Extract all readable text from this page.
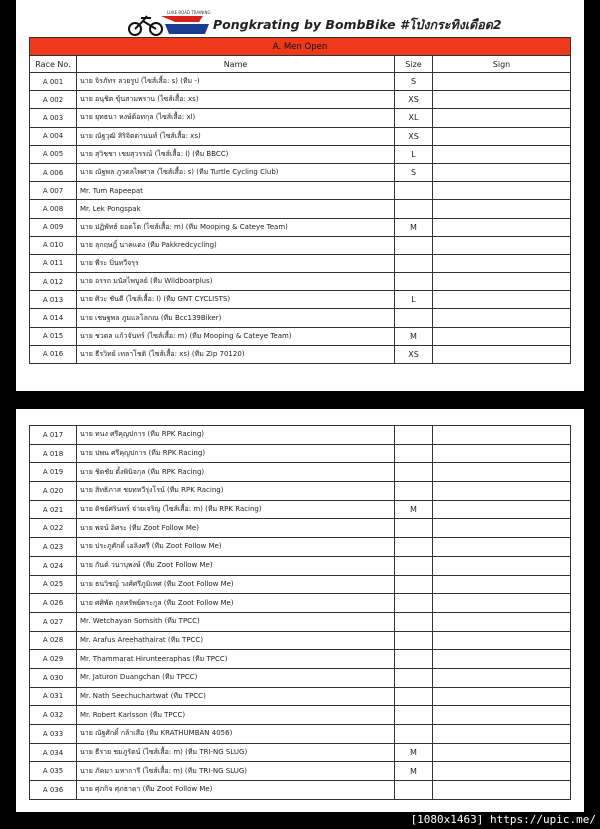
LUKE ROAD TRAINING
Pongkrating by BombBike #โป่งกระทิงเดือด2
A. Men Open			
Race No.	Name	Size	Sign
A 001	นาย จิรภัทร ลวยรูป (ไซส์เสื้อ: s) (ทีม -)	S	
A 002	นาย อนุชิต ขุ้นสามพราน (ไซส์เสื้อ: xs)	XS	
A 003	นาย ยุทธนา หงษ์ต้อทกุล (ไซส์เสื้อ: xl)	XL	
A 004	นาย ณัฐวุฒิ สิริจิตตานนท์ (ไซส์เสื้อ: xs)	XS	
A 005	นาย สุวิชชา เชยสุวรรณ์ (ไซส์เสื้อ: l) (ทีม BBCC)	L	
A 006	นาย ณัฐพล ภูวดลไพศาล (ไซส์เสื้อ: s) (ทีม Turtle Cycling Club)	S	
A 007	Mr. Tum Rapeepat		
A 008	Mr. Lek Pongspak		
A 009	นาย ปฏิพัทธ์ ยอดโต (ไซส์เสื้อ: m) (ทีม Mooping & Cateye Team)	M	
A 010	นาย ลุกฤษฎิ์ นาคแดง (ทีม Pakkredcycling)		
A 011	นาย พีระ ปิ่นทวีจรุร		
A 012	นาย อรรถ มนัสไพบูลย์ (ทีม Wildboarplus)		
A 013	นาย ศิวะ ชันตี (ไซส์เสื้อ: l) (ทีม GNT CYCLISTS)	L	
A 014	นาย เชษฐพล ภูมแลโลกณ (ทีม Bcc139Biker)		
A 015	นาย ชวดล แก้วจันทร์ (ไซส์เสื้อ: m) (ทีม Mooping & Cateye Team)	M	
A 016	นาย ธีรวิทย์ เทลาโชติ (ไซส์เสื้อ: xs) (ทีม Zip 70120)	XS	
A 017	นาย ทนง ศรีคุญปการ (ทีม RPK Racing)		
A 018	นาย ปพน ศรีคุญปการ (ทีม RPK Racing)		
A 019	นาย ชิดชัย ตั้งพินิจกุล (ทีม RPK Racing)		
A 020	นาย สิทธิภาส ชยทหวีรุ่งโรน์ (ทีม RPK Racing)		
A 021	นาย ดิชย์ศรินทร์ จ่ายเจริญ (ไซส์เสื้อ: m) (ทีม RPK Racing)	M	
A 022	นาย พจน์ อิศระ (ทีม Zoot Follow Me)		
A 023	นาย ประภูศักดิ์ เอลิงศรี (ทีม Zoot Follow Me)		
A 024	นาย กันต์ วนาบุพงษ์ (ทีม Zoot Follow Me)		
A 025	นาย ธนวิชญ์ วงศ์ศรีภูมิเทศ (ทีม Zoot Follow Me)		
A 026	นาย ศศิพัต กุลทรัพย์ตระกูล (ทีม Zoot Follow Me)		
A 027	Mr. Wetchayan Somsith (ทีม TPCC)		
A 028	Mr. Arafus Areehathairat (ทีม TPCC)		
A 029	Mr. Thammarat Hirunteeraphas (ทีม TPCC)		
A 030	Mr. Jaturon Duangchan (ทีม TPCC)		
A 031	Mr. Nath Seechuchartwat (ทีม TPCC)		
A 032	Mr. Robert Karlsson (ทีม TPCC)		
A 033	นาย ณัฐศักดิ์ กล้าเสือ (ทีม KRATHUMBAN 4056)		
A 034	นาย ธีราย ชมภูรัตน์ (ไซส์เสื้อ: m) (ทีม TRI-NG SLUG)	M	
A 035	นาย ภัคมา มหาการี (ไซส์เสื้อ: m) (ทีม TRI-NG SLUG)	M	
A 036	นาย ศุภกิจ ศุภธาดา (ทีม Zoot Follow Me)		
[1080x1463] https://upic.me/
